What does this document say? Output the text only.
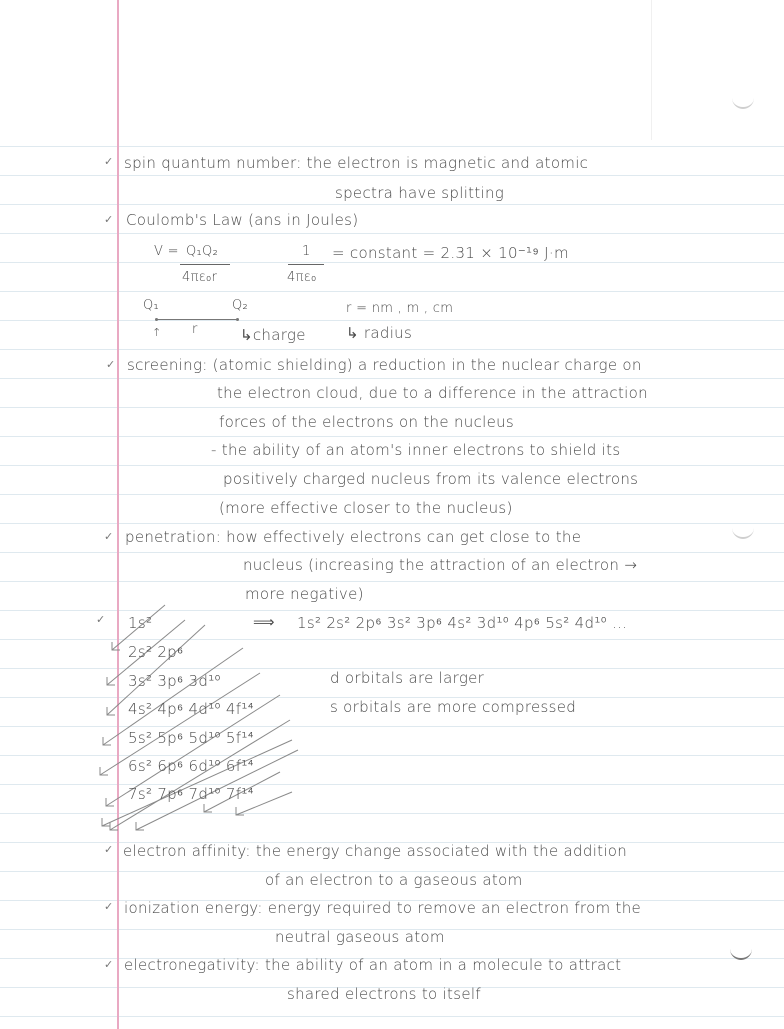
✓ spin quantum number: the electron is magnetic and atomic
spectra have splitting
✓ Coulomb's Law (ans in Joules)
V = Q₁Q₂
4πε₀r
1
4πε₀
= constant = 2.31 × 10⁻¹⁹ J·m
Q₁	Q₂
↑ r	↳charge
r = nm , m , cm
↳ radius
✓ screening: (atomic shielding) a reduction in the nuclear charge on
the electron cloud, due to a difference in the attraction
forces of the electrons on the nucleus
- the ability of an atom's inner electrons to shield its
positively charged nucleus from its valence electrons
(more effective closer to the nucleus)
✓ penetration: how effectively electrons can get close to the
nucleus (increasing the attraction of an electron →
more negative)
✓ 1s²
2s² 2p⁶
3s² 3p⁶ 3d¹⁰
4s² 4p⁶ 4d¹⁰ 4f¹⁴
5s² 5p⁶ 5d¹⁰ 5f¹⁴
6s² 6p⁶ 6d¹⁰ 6f¹⁴
7s² 7p⁶ 7d¹⁰ 7f¹⁴
⟹ 1s² 2s² 2p⁶ 3s² 3p⁶ 4s² 3d¹⁰ 4p⁶ 5s² 4d¹⁰ ...
d orbitals are larger
s orbitals are more compressed
✓ electron affinity: the energy change associated with the addition
of an electron to a gaseous atom
✓ ionization energy: energy required to remove an electron from the
neutral gaseous atom
✓ electronegativity: the ability of an atom in a molecule to attract
shared electrons to itself
